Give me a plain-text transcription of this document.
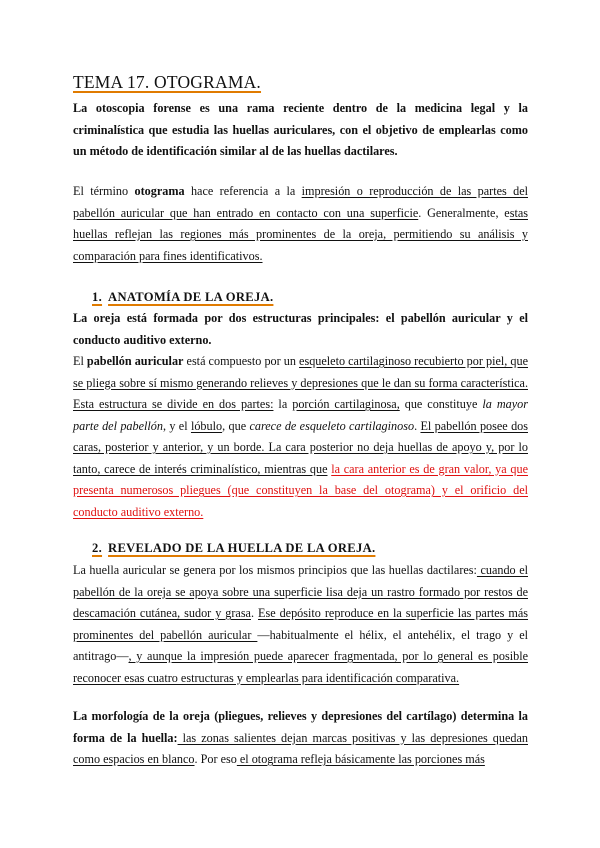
TEMA 17. OTOGRAMA.

La otoscopia forense es una rama reciente dentro de la medicina legal y la criminalística que estudia las huellas auriculares, con el objetivo de emplearlas como un método de identificación similar al de las huellas dactilares.

El término otograma hace referencia a la impresión o reproducción de las partes del pabellón auricular que han entrado en contacto con una superficie. Generalmente, estas huellas reflejan las regiones más prominentes de la oreja, permitiendo su análisis y comparación para fines identificativos.

1. ANATOMÍA DE LA OREJA.

La oreja está formada por dos estructuras principales: el pabellón auricular y el conducto auditivo externo.

El pabellón auricular está compuesto por un esqueleto cartilaginoso recubierto por piel, que se pliega sobre sí mismo generando relieves y depresiones que le dan su forma característica. Esta estructura se divide en dos partes: la porción cartilaginosa, que constituye la mayor parte del pabellón, y el lóbulo, que carece de esqueleto cartilaginoso. El pabellón posee dos caras, posterior y anterior, y un borde. La cara posterior no deja huellas de apoyo y, por lo tanto, carece de interés criminalístico, mientras que la cara anterior es de gran valor, ya que presenta numerosos pliegues (que constituyen la base del otograma) y el orificio del conducto auditivo externo.

2. REVELADO DE LA HUELLA DE LA OREJA.

La huella auricular se genera por los mismos principios que las huellas dactilares: cuando el pabellón de la oreja se apoya sobre una superficie lisa deja un rastro formado por restos de descamación cutánea, sudor y grasa. Ese depósito reproduce en la superficie las partes más prominentes del pabellón auricular —habitualmente el hélix, el antehélix, el trago y el antitrago—, y aunque la impresión puede aparecer fragmentada, por lo general es posible reconocer esas cuatro estructuras y emplearlas para identificación comparativa.

La morfología de la oreja (pliegues, relieves y depresiones del cartílago) determina la forma de la huella: las zonas salientes dejan marcas positivas y las depresiones quedan como espacios en blanco. Por eso el otograma refleja básicamente las porciones más
